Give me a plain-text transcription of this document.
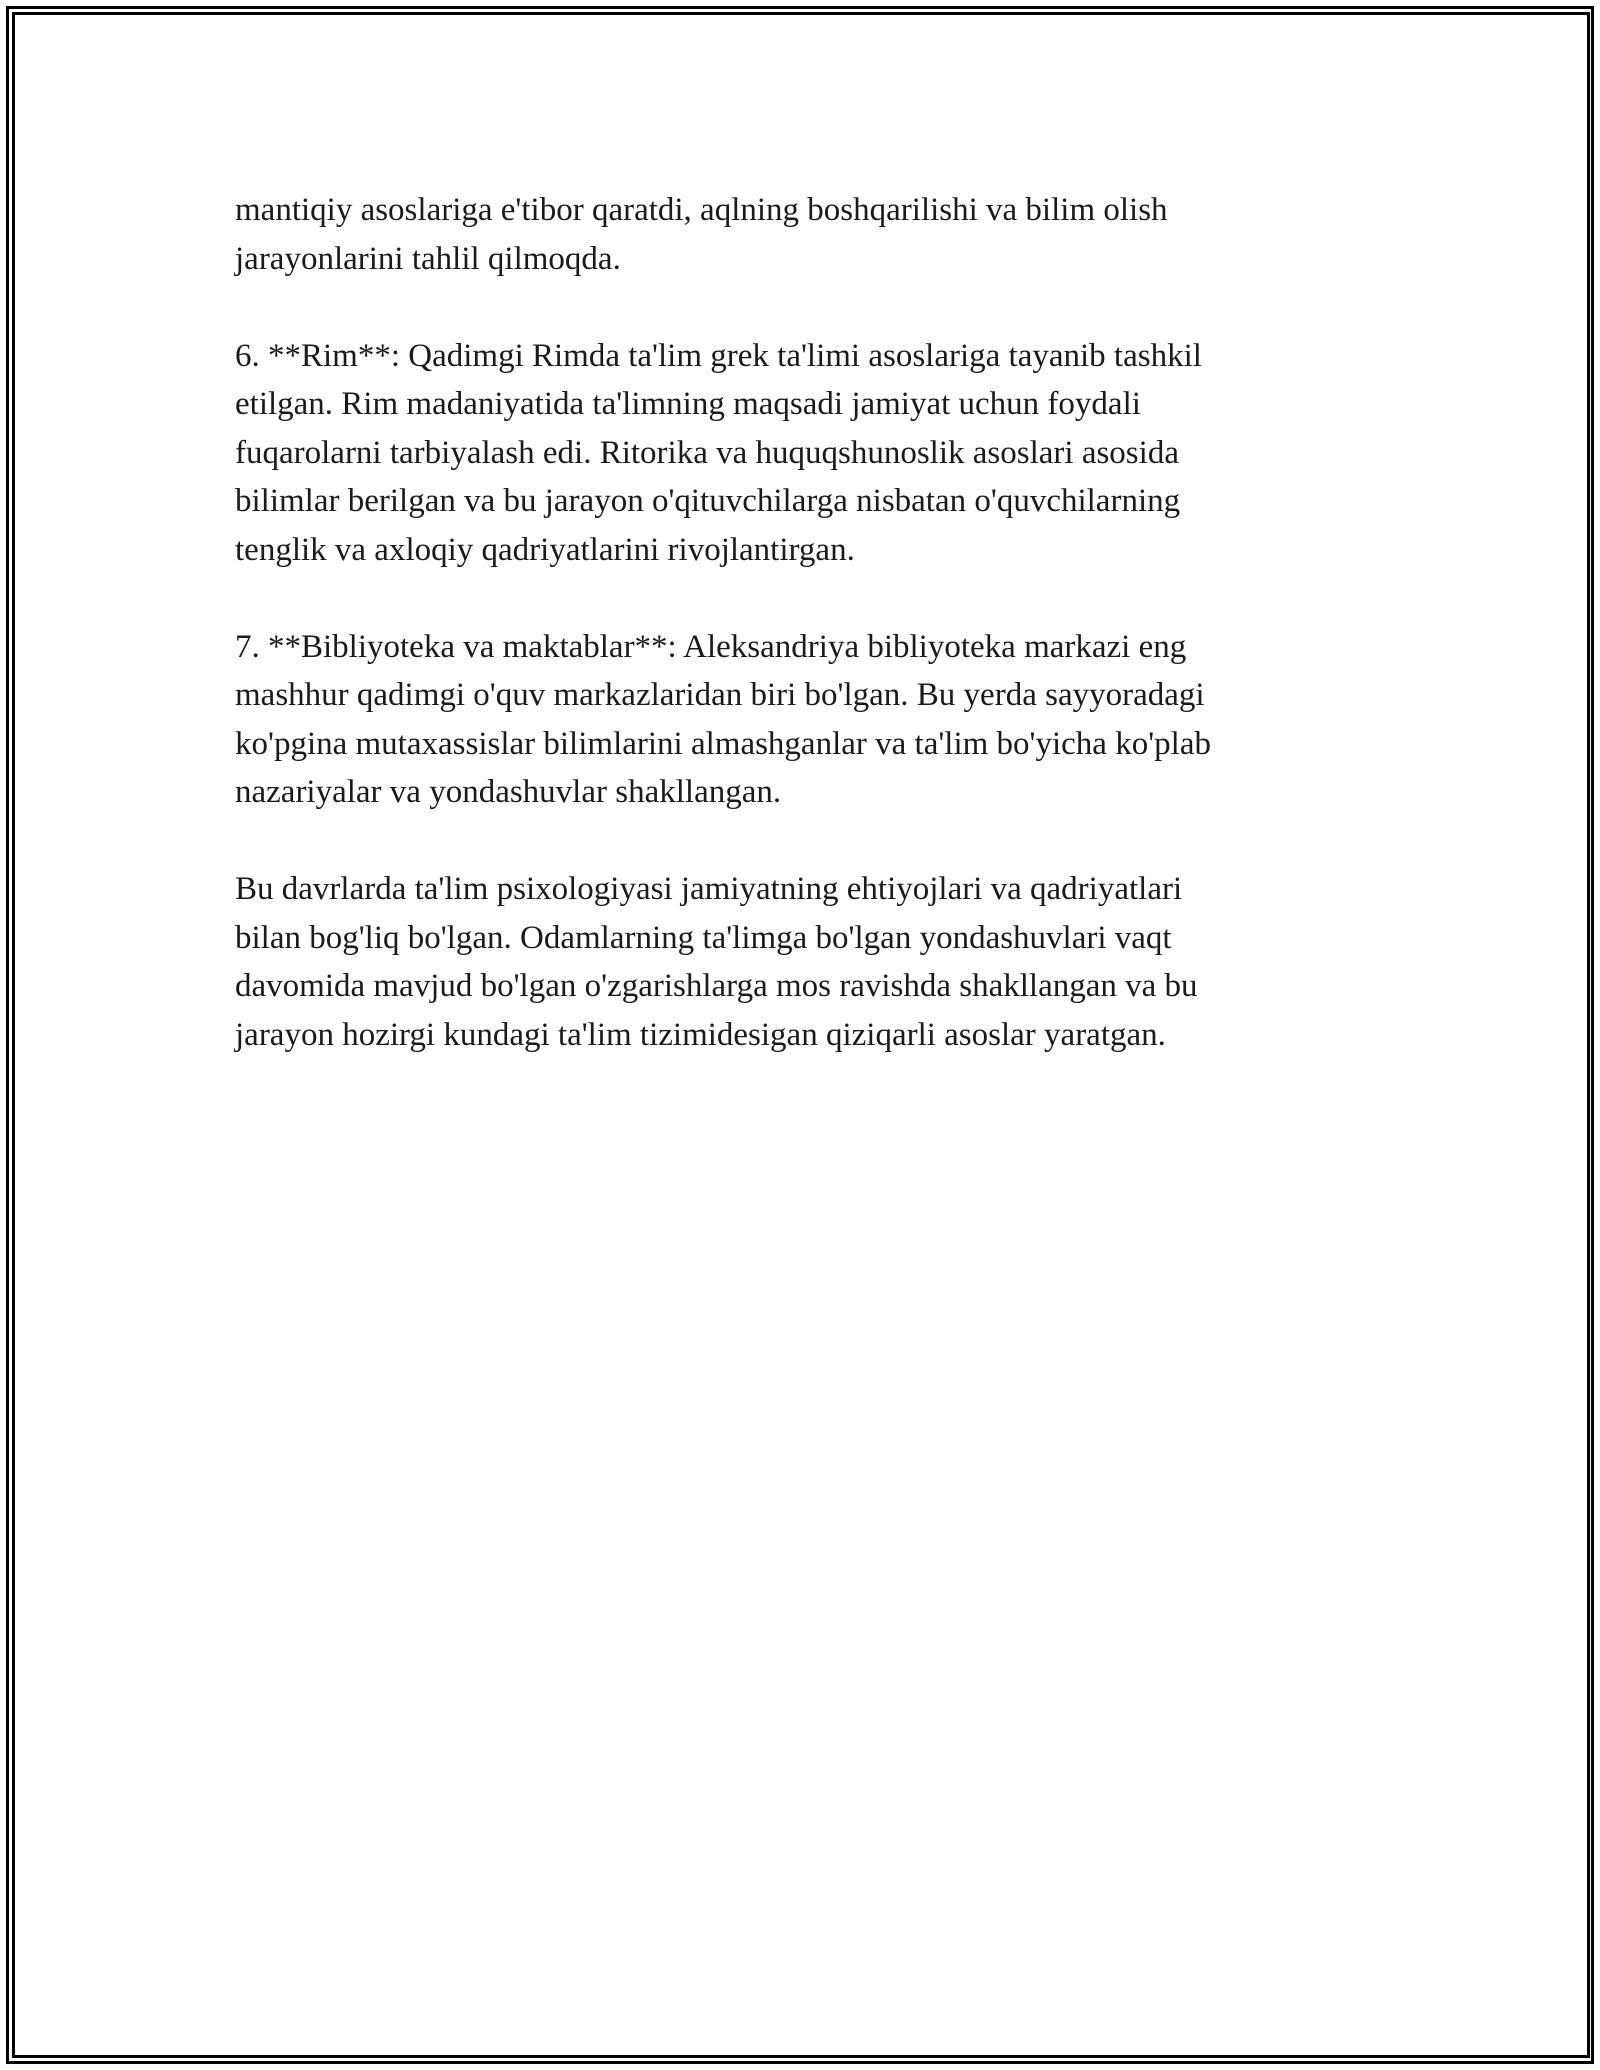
mantiqiy asoslariga e'tibor qaratdi, aqlning boshqarilishi va bilim olish
jarayonlarini tahlil qilmoqda.

6. **Rim**: Qadimgi Rimda ta'lim grek ta'limi asoslariga tayanib tashkil
etilgan. Rim madaniyatida ta'limning maqsadi jamiyat uchun foydali
fuqarolarni tarbiyalash edi. Ritorika va huquqshunoslik asoslari asosida
bilimlar berilgan va bu jarayon o'qituvchilarga nisbatan o'quvchilarning
tenglik va axloqiy qadriyatlarini rivojlantirgan.

7. **Bibliyoteka va maktablar**: Aleksandriya bibliyoteka markazi eng
mashhur qadimgi o'quv markazlaridan biri bo'lgan. Bu yerda sayyoradagi
ko'pgina mutaxassislar bilimlarini almashganlar va ta'lim bo'yicha ko'plab
nazariyalar va yondashuvlar shakllangan.

Bu davrlarda ta'lim psixologiyasi jamiyatning ehtiyojlari va qadriyatlari
bilan bog'liq bo'lgan. Odamlarning ta'limga bo'lgan yondashuvlari vaqt
davomida mavjud bo'lgan o'zgarishlarga mos ravishda shakllangan va bu
jarayon hozirgi kundagi ta'lim tizimidesigan qiziqarli asoslar yaratgan.
